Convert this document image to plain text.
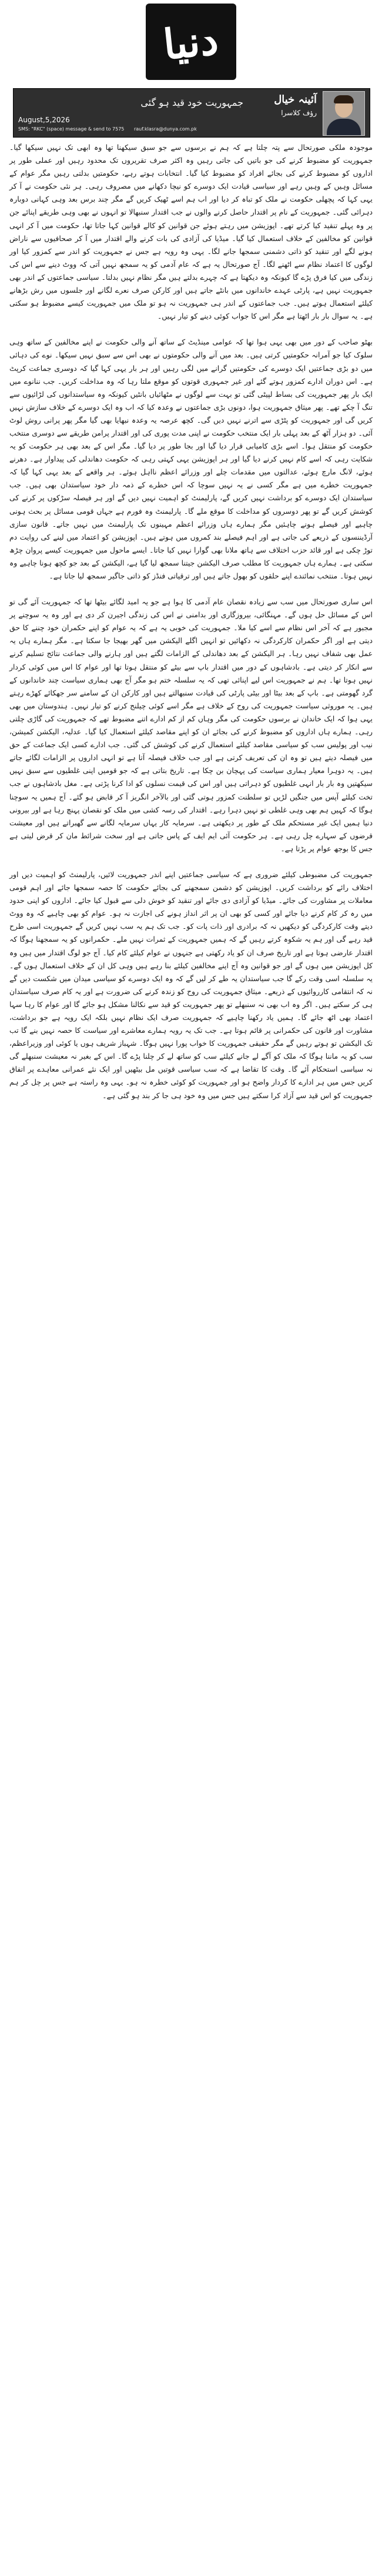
دنیا
آئینہ خیال
رؤف کلاسرا
جمہوریت خود قید ہو گئی
August,5,2026
SMS: "RKC" (space) message & send to 7575 rauf.klasra@dunya.com.pk

موجودہ ملکی صورتحال سے پتہ چلتا ہے کہ ہم نے برسوں سے جو سبق سیکھنا تھا وہ ابھی تک نہیں سیکھا گیا۔ جمہوریت کو مضبوط کرنے کی جو باتیں کی جاتی رہیں وہ اکثر صرف تقریروں تک محدود رہیں اور عملی طور پر اداروں کو مضبوط کرنے کی بجائے افراد کو مضبوط کیا گیا۔ انتخابات ہوتے رہے، حکومتیں بدلتی رہیں مگر عوام کے مسائل وہیں کے وہیں رہے اور سیاسی قیادت ایک دوسرے کو نیچا دکھانے میں مصروف رہی۔ ہر نئی حکومت نے آ کر یہی کہا کہ پچھلی حکومت نے ملک کو تباہ کر دیا اور اب ہم اسے ٹھیک کریں گے مگر چند برس بعد وہی کہانی دوبارہ دہرائی گئی۔ جمہوریت کے نام پر اقتدار حاصل کرنے والوں نے جب اقتدار سنبھالا تو انہوں نے بھی وہی طریقے اپنائے جن پر وہ پہلے تنقید کیا کرتے تھے۔ اپوزیشن میں رہتے ہوئے جن قوانین کو کالے قوانین کہا جاتا تھا، حکومت میں آ کر انہی قوانین کو مخالفین کے خلاف استعمال کیا گیا۔ میڈیا کی آزادی کی بات کرنے والے اقتدار میں آ کر صحافیوں سے ناراض ہونے لگے اور تنقید کو ذاتی دشمنی سمجھا جانے لگا۔ یہی وہ رویہ ہے جس نے جمہوریت کو اندر سے کمزور کیا اور لوگوں کا اعتماد نظام سے اٹھنے لگا۔ آج صورتحال یہ ہے کہ عام آدمی کو یہ سمجھ نہیں آتی کہ ووٹ دینے سے اس کی زندگی میں کیا فرق پڑے گا کیونکہ وہ دیکھتا ہے کہ چہرے بدلتے ہیں مگر نظام نہیں بدلتا۔ سیاسی جماعتوں کے اندر بھی جمہوریت نہیں ہے، پارٹی عہدے خاندانوں میں بانٹے جاتے ہیں اور کارکن صرف نعرے لگانے اور جلسوں میں رش بڑھانے کیلئے استعمال ہوتے ہیں۔ جب جماعتوں کے اندر ہی جمہوریت نہ ہو تو ملک میں جمہوریت کیسے مضبوط ہو سکتی ہے۔ یہ سوال بار بار اٹھتا ہے مگر اس کا جواب کوئی دینے کو تیار نہیں۔

بھٹو صاحب کے دور میں بھی یہی ہوا تھا کہ عوامی مینڈیٹ کے ساتھ آنے والی حکومت نے اپنے مخالفین کے ساتھ وہی سلوک کیا جو آمرانہ حکومتیں کرتی ہیں۔ بعد میں آنے والی حکومتوں نے بھی اس سے سبق نہیں سیکھا۔ نوے کی دہائی میں دو بڑی جماعتیں ایک دوسرے کی حکومتیں گرانے میں لگی رہیں اور ہر بار یہی کہا گیا کہ دوسری جماعت کرپٹ ہے۔ اس دوران ادارے کمزور ہوتے گئے اور غیر جمہوری قوتوں کو موقع ملتا رہا کہ وہ مداخلت کریں۔ جب ننانوے میں ایک بار پھر جمہوریت کی بساط لپیٹی گئی تو بہت سے لوگوں نے مٹھائیاں بانٹیں کیونکہ وہ سیاستدانوں کی لڑائیوں سے تنگ آ چکے تھے۔ پھر میثاق جمہوریت ہوا، دونوں بڑی جماعتوں نے وعدہ کیا کہ اب وہ ایک دوسرے کے خلاف سازش نہیں کریں گی اور جمہوریت کو پٹڑی سے اترنے نہیں دیں گی۔ کچھ عرصہ یہ وعدہ نبھایا بھی گیا مگر پھر پرانی روش لوٹ آئی۔ دو ہزار آٹھ کے بعد پہلی بار ایک منتخب حکومت نے اپنی مدت پوری کی اور اقتدار پرامن طریقے سے دوسری منتخب حکومت کو منتقل ہوا۔ اسے بڑی کامیابی قرار دیا گیا اور بجا طور پر دیا گیا۔ مگر اس کے بعد بھی ہر حکومت کو یہ شکایت رہی کہ اسے کام نہیں کرنے دیا گیا اور ہر اپوزیشن یہی کہتی رہی کہ حکومت دھاندلی کی پیداوار ہے۔ دھرنے ہوئے، لانگ مارچ ہوئے، عدالتوں میں مقدمات چلے اور وزرائے اعظم نااہل ہوئے۔ ہر واقعے کے بعد یہی کہا گیا کہ جمہوریت خطرے میں ہے مگر کسی نے یہ نہیں سوچا کہ اس خطرے کے ذمہ دار خود سیاستدان بھی ہیں۔ جب سیاستدان ایک دوسرے کو برداشت نہیں کریں گے، پارلیمنٹ کو اہمیت نہیں دیں گے اور ہر فیصلہ سڑکوں پر کرنے کی کوشش کریں گے تو پھر دوسروں کو مداخلت کا موقع ملے گا۔ پارلیمنٹ وہ فورم ہے جہاں قومی مسائل پر بحث ہونی چاہیے اور فیصلے ہونے چاہئیں مگر ہمارے ہاں وزرائے اعظم مہینوں تک پارلیمنٹ میں نہیں جاتے۔ قانون سازی آرڈیننسوں کے ذریعے کی جاتی ہے اور اہم فیصلے بند کمروں میں ہوتے ہیں۔ اپوزیشن کو اعتماد میں لینے کی روایت دم توڑ چکی ہے اور قائد حزب اختلاف سے ہاتھ ملانا بھی گوارا نہیں کیا جاتا۔ ایسے ماحول میں جمہوریت کیسے پروان چڑھ سکتی ہے۔ ہمارے ہاں جمہوریت کا مطلب صرف الیکشن جیتنا سمجھ لیا گیا ہے، الیکشن کے بعد جو کچھ ہونا چاہیے وہ نہیں ہوتا۔ منتخب نمائندے اپنے حلقوں کو بھول جاتے ہیں اور ترقیاتی فنڈز کو ذاتی جاگیر سمجھ لیا جاتا ہے۔

اس ساری صورتحال میں سب سے زیادہ نقصان عام آدمی کا ہوا ہے جو یہ امید لگائے بیٹھا تھا کہ جمہوریت آئے گی تو اس کے مسائل حل ہوں گے۔ مہنگائی، بیروزگاری اور بدامنی نے اس کی زندگی اجیرن کر دی ہے اور وہ یہ سوچنے پر مجبور ہے کہ آخر اس نظام سے اسے کیا ملا۔ جمہوریت کی خوبی یہ ہے کہ یہ عوام کو اپنے حکمران خود چننے کا حق دیتی ہے اور اگر حکمران کارکردگی نہ دکھائیں تو انہیں اگلے الیکشن میں گھر بھیجا جا سکتا ہے۔ مگر ہمارے ہاں یہ عمل بھی شفاف نہیں رہا۔ ہر الیکشن کے بعد دھاندلی کے الزامات لگتے ہیں اور ہارنے والی جماعت نتائج تسلیم کرنے سے انکار کر دیتی ہے۔ بادشاہوں کے دور میں اقتدار باپ سے بیٹے کو منتقل ہوتا تھا اور عوام کا اس میں کوئی کردار نہیں ہوتا تھا۔ ہم نے جمہوریت اس لیے اپنائی تھی کہ یہ سلسلہ ختم ہو مگر آج بھی ہماری سیاست چند خاندانوں کے گرد گھومتی ہے۔ باپ کے بعد بیٹا اور بیٹی پارٹی کی قیادت سنبھالتے ہیں اور کارکن ان کے سامنے سر جھکائے کھڑے رہتے ہیں۔ یہ موروثی سیاست جمہوریت کی روح کے خلاف ہے مگر اسے کوئی چیلنج کرنے کو تیار نہیں۔ ہندوستان میں بھی یہی ہوا کہ ایک خاندان نے برسوں حکومت کی مگر وہاں کم از کم ادارے اتنے مضبوط تھے کہ جمہوریت کی گاڑی چلتی رہی۔ ہمارے ہاں اداروں کو مضبوط کرنے کی بجائے ان کو اپنے مقاصد کیلئے استعمال کیا گیا۔ عدلیہ، الیکشن کمیشن، نیب اور پولیس سب کو سیاسی مقاصد کیلئے استعمال کرنے کی کوشش کی گئی۔ جب ادارے کسی ایک جماعت کے حق میں فیصلہ دیتے ہیں تو وہ ان کی تعریف کرتی ہے اور جب خلاف فیصلہ آتا ہے تو انہی اداروں پر الزامات لگائے جاتے ہیں۔ یہ دوہرا معیار ہماری سیاست کی پہچان بن چکا ہے۔ تاریخ بتاتی ہے کہ جو قومیں اپنی غلطیوں سے سبق نہیں سیکھتیں وہ بار بار انہی غلطیوں کو دہراتی ہیں اور اس کی قیمت نسلوں کو ادا کرنا پڑتی ہے۔ مغل بادشاہوں نے جب تخت کیلئے آپس میں جنگیں لڑیں تو سلطنت کمزور ہوتی گئی اور بالآخر انگریز آ کر قابض ہو گئے۔ آج ہمیں یہ سوچنا ہوگا کہ کہیں ہم بھی وہی غلطی تو نہیں دہرا رہے۔ اقتدار کی رسہ کشی میں ملک کو نقصان پہنچ رہا ہے اور بیرونی دنیا ہمیں ایک غیر مستحکم ملک کے طور پر دیکھتی ہے۔ سرمایہ کار یہاں سرمایہ لگانے سے گھبراتے ہیں اور معیشت قرضوں کے سہارے چل رہی ہے۔ ہر حکومت آئی ایم ایف کے پاس جاتی ہے اور سخت شرائط مان کر قرض لیتی ہے جس کا بوجھ عوام پر پڑتا ہے۔

جمہوریت کی مضبوطی کیلئے ضروری ہے کہ سیاسی جماعتیں اپنے اندر جمہوریت لائیں، پارلیمنٹ کو اہمیت دیں اور اختلاف رائے کو برداشت کریں۔ اپوزیشن کو دشمن سمجھنے کی بجائے حکومت کا حصہ سمجھا جائے اور اہم قومی معاملات پر مشاورت کی جائے۔ میڈیا کو آزادی دی جائے اور تنقید کو خوش دلی سے قبول کیا جائے۔ اداروں کو اپنی حدود میں رہ کر کام کرنے دیا جائے اور کسی کو بھی ان پر اثر انداز ہونے کی اجازت نہ ہو۔ عوام کو بھی چاہیے کہ وہ ووٹ دیتے وقت کارکردگی کو دیکھیں نہ کہ برادری اور ذات پات کو۔ جب تک ہم یہ سب نہیں کریں گے جمہوریت اسی طرح قید رہے گی اور ہم یہ شکوہ کرتے رہیں گے کہ ہمیں جمہوریت کے ثمرات نہیں ملے۔ حکمرانوں کو یہ سمجھنا ہوگا کہ اقتدار عارضی ہوتا ہے اور تاریخ صرف ان کو یاد رکھتی ہے جنہوں نے عوام کیلئے کام کیا۔ آج جو لوگ اقتدار میں ہیں وہ کل اپوزیشن میں ہوں گے اور جو قوانین وہ آج اپنے مخالفین کیلئے بنا رہے ہیں وہی کل ان کے خلاف استعمال ہوں گے۔ یہ سلسلہ اسی وقت رکے گا جب سیاستدان یہ طے کر لیں گے کہ وہ ایک دوسرے کو سیاسی میدان میں شکست دیں گے نہ کہ انتقامی کارروائیوں کے ذریعے۔ میثاق جمہوریت کی روح کو زندہ کرنے کی ضرورت ہے اور یہ کام صرف سیاستدان ہی کر سکتے ہیں۔ اگر وہ اب بھی نہ سنبھلے تو پھر جمہوریت کو قید سے نکالنا مشکل ہو جائے گا اور عوام کا رہا سہا اعتماد بھی اٹھ جائے گا۔ ہمیں یاد رکھنا چاہیے کہ جمہوریت صرف ایک نظام نہیں بلکہ ایک رویہ ہے جو برداشت، مشاورت اور قانون کی حکمرانی پر قائم ہوتا ہے۔ جب تک یہ رویہ ہمارے معاشرے اور سیاست کا حصہ نہیں بنے گا تب تک الیکشن تو ہوتے رہیں گے مگر حقیقی جمہوریت کا خواب پورا نہیں ہوگا۔ شہباز شریف ہوں یا کوئی اور وزیراعظم، سب کو یہ ماننا ہوگا کہ ملک کو آگے لے جانے کیلئے سب کو ساتھ لے کر چلنا پڑے گا۔ اس کے بغیر نہ معیشت سنبھلے گی نہ سیاسی استحکام آئے گا۔ وقت کا تقاضا ہے کہ سب سیاسی قوتیں مل بیٹھیں اور ایک نئے عمرانی معاہدے پر اتفاق کریں جس میں ہر ادارے کا کردار واضح ہو اور جمہوریت کو کوئی خطرہ نہ ہو۔ یہی وہ راستہ ہے جس پر چل کر ہم جمہوریت کو اس قید سے آزاد کرا سکتے ہیں جس میں وہ خود ہی جا کر بند ہو گئی ہے۔
